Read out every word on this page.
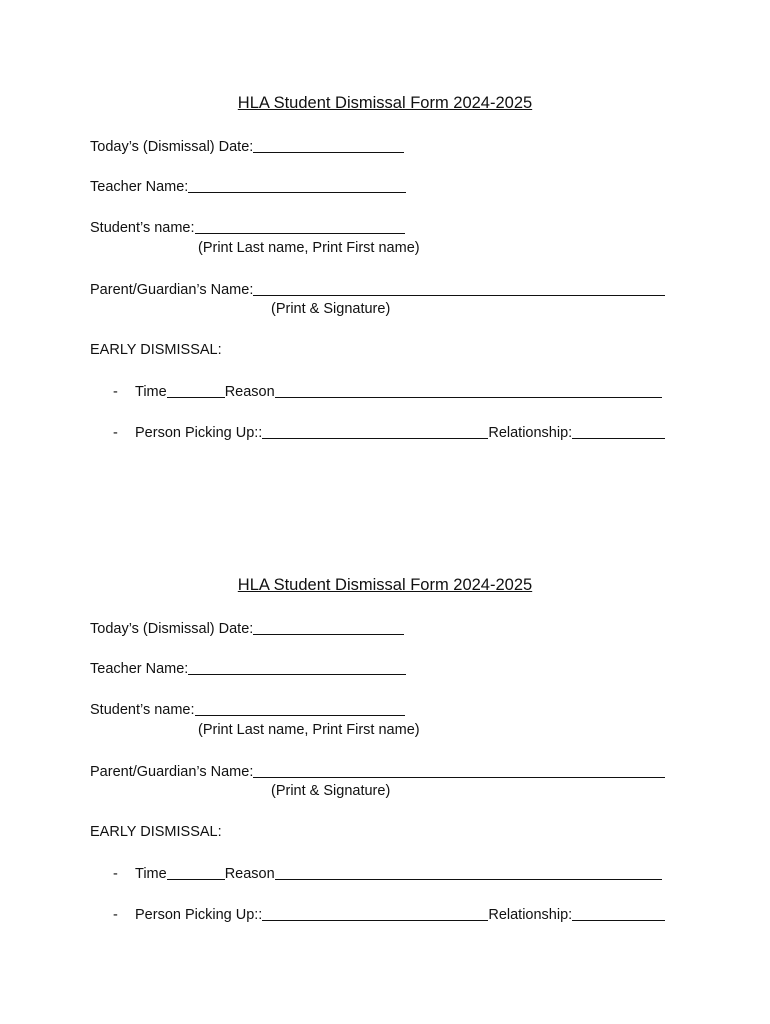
HLA Student Dismissal Form 2024-2025
Today’s (Dismissal) Date:
Teacher Name:
Student’s name:
(Print Last name, Print First name)
Parent/Guardian’s Name:
(Print & Signature)
EARLY DISMISSAL:
-	Time	Reason
-	Person Picking Up::	Relationship:
HLA Student Dismissal Form 2024-2025
Today’s (Dismissal) Date:
Teacher Name:
Student’s name:
(Print Last name, Print First name)
Parent/Guardian’s Name:
(Print & Signature)
EARLY DISMISSAL:
-	Time	Reason
-	Person Picking Up::	Relationship:
